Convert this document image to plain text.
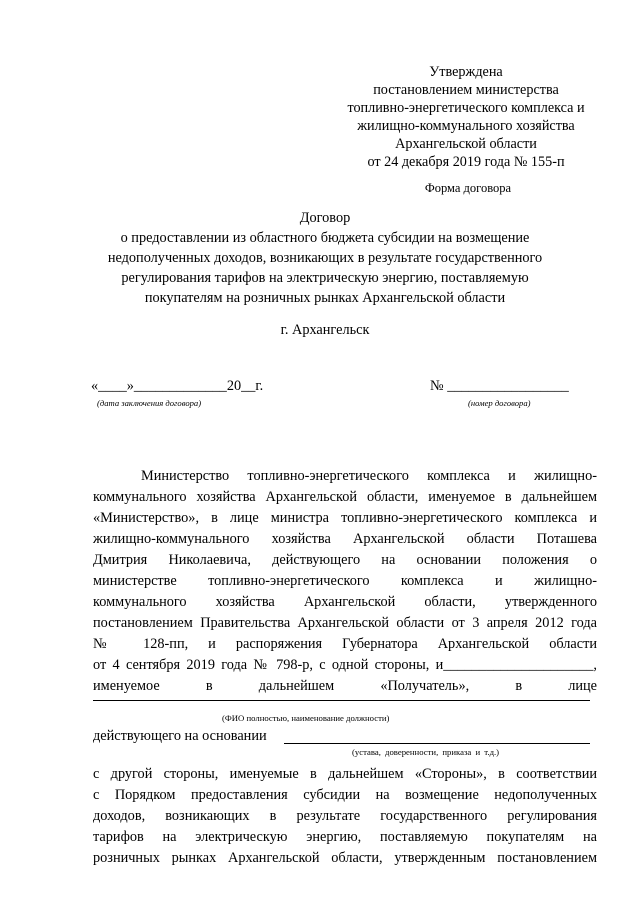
Утверждена
постановлением министерства
топливно-энергетического комплекса и
жилищно-коммунального хозяйства
Архангельской области
от 24 декабря 2019 года № 155-п
Форма договора
Договор
о предоставлении из областного бюджета субсидии на возмещение
недополученных доходов, возникающих в результате государственного
регулирования тарифов на электрическую энергию, поставляемую
покупателям на розничных рынках Архангельской области
г. Архангельск
«____»_____________20__г.
(дата заключения договора)
№ _________________
(номер договора)

Министерство топливно-энергетического комплекса и жилищно-

коммунального хозяйства Архангельской области, именуемое в дальнейшем

«Министерство», в лице министра топливно-энергетического комплекса и

жилищно-коммунального хозяйства Архангельской области Поташева

Дмитрия Николаевича, действующего на основании положения о

министерстве топливно-энергетического комплекса и жилищно-

коммунального хозяйства Архангельской области, утвержденного

постановлением Правительства Архангельской области от 3 апреля 2012 года

№ 128-пп, и распоряжения Губернатора Архангельской области

от 4 сентября 2019 года № 798-р, с одной стороны, и_____________________,

именуемое в дальнейшем «Получатель», в лице

(ФИО полностью, наименование должности)
действующего на основании
(устава, доверенности, приказа и т.д.)

с другой стороны, именуемые в дальнейшем «Стороны», в соответствии

с Порядком предоставления субсидии на возмещение недополученных

доходов, возникающих в результате государственного регулирования

тарифов на электрическую энергию, поставляемую покупателям на

розничных рынках Архангельской области, утвержденным постановлением
